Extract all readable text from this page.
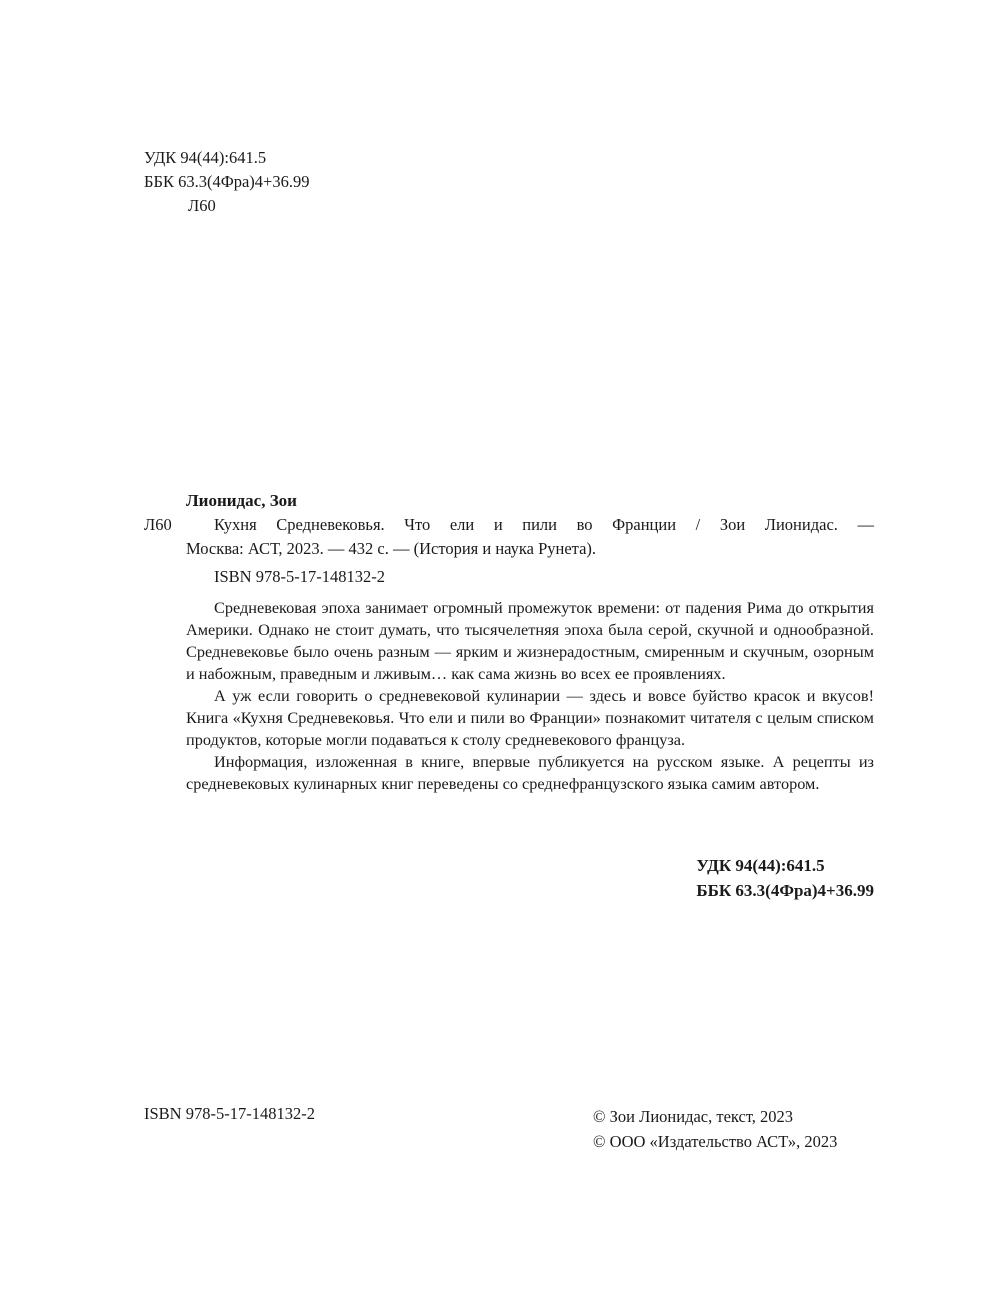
УДК 94(44):641.5
ББК 63.3(4Фра)4+36.99
Л60
Лионидас, Зои
Л60	Кухня Средневековья. Что ели и пили во Франции / Зои Лионидас. —
Москва: АСТ, 2023. — 432 с. — (История и наука Рунета).
ISBN 978-5-17-148132-2

Средневековая эпоха занимает огромный промежуток времени: от падения Рима до открытия Америки. Однако не стоит думать, что тысячелетняя эпоха была серой, скучной и однообразной. Средневековье было очень разным — ярким и жизнерадостным, смиренным и скучным, озорным и набожным, праведным и лживым… как сама жизнь во всех ее проявлениях.

А уж если говорить о средневековой кулинарии — здесь и вовсе буйство красок и вкусов! Книга «Кухня Средневековья. Что ели и пили во Франции» познакомит читателя с целым списком продуктов, которые могли подаваться к столу средневекового француза.

Информация, изложенная в книге, впервые публикуется на русском языке. А рецепты из средневековых кулинарных книг переведены со среднефранцузского языка самим автором.

УДК 94(44):641.5
ББК 63.3(4Фра)4+36.99
ISBN 978-5-17-148132-2	© Зои Лионидас, текст, 2023
© ООО «Издательство АСТ», 2023
